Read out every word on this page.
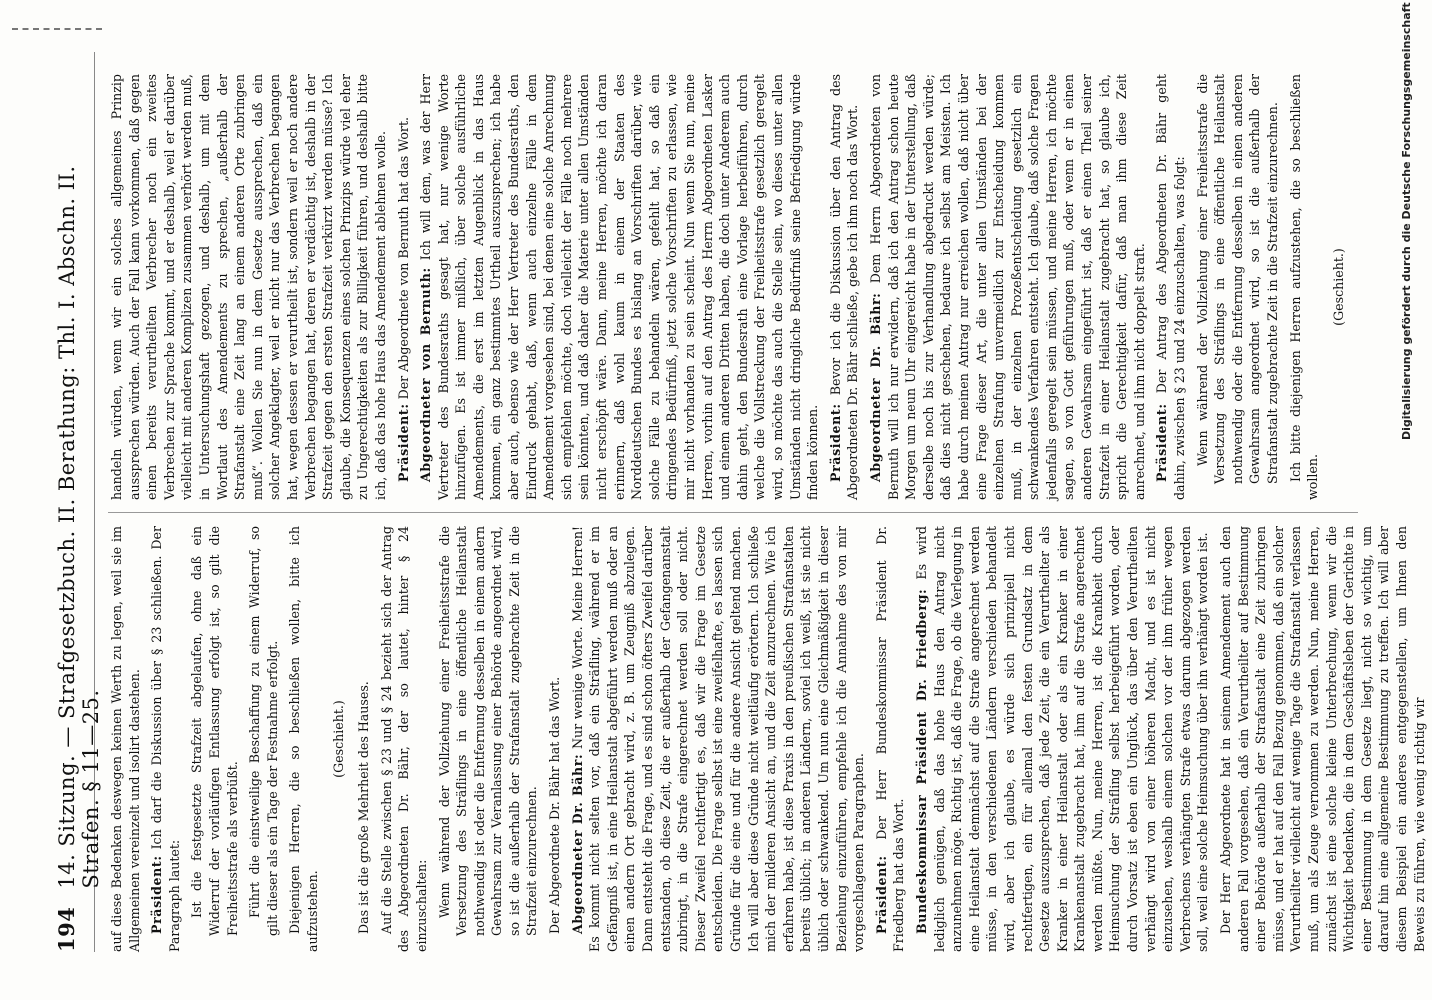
194
14. Sitzung. — Strafgesetzbuch. II. Berathung: Thl. I. Abschn. II. Strafen. § 11—25. auf diese Bedenken deswegen keinen Werth zu legen, weil sie im Allgemeinen vereinzelt und isolirt dastehen. Präsident: Ich darf die Diskussion über § 23 schließen. Der Paragraph lautet: Ist die festgesetzte Strafzeit abgelaufen, ohne daß ein Widerruf der vorläufigen Entlassung erfolgt ist, so gilt die Freiheitsstrafe als verbüßt. Führt die einstweilige Beschaffung zu einem Widerruf, so gilt dieser als ein Tage der Festnahme erfolgt. Diejenigen Herren, die so beschließen wollen, bitte ich aufzustehen.

(Geschieht.) Das ist die große Mehrheit des Hauses. Auf die Stelle zwischen § 23 und § 24 bezieht sich der Antrag des Abgeordneten Dr. Bähr, der so lautet, hinter § 24 einzuschalten: Wenn während der Vollziehung einer Freiheitsstrafe die Versetzung des Sträflings in eine öffentliche Heilanstalt nothwendig ist oder die Entfernung desselben in einem andern Gewahrsam zur Veranlassung einer Behörde angeordnet wird, so ist die außerhalb der Strafanstalt zugebrachte Zeit in die Strafzeit einzurechnen. Der Abgeordnete Dr. Bähr hat das Wort. Abgeordneter Dr. Bähr: Nur wenige Worte. Meine Herren! Es kommt nicht selten vor, daß ein Sträfling, während er im Gefängniß ist, in eine Heilanstalt abgeführt werden muß oder an einen andern Ort gebracht wird, z. B. um Zeugniß abzulegen. Dann entsteht die Frage, und es sind schon öfters Zweifel darüber entstanden, ob diese Zeit, die er außerhalb der Gefangenanstalt zubringt, in die Strafe eingerechnet werden soll oder nicht. Dieser Zweifel rechtfertigt es, daß wir die Frage im Gesetze entscheiden. Die Frage selbst ist eine zweifelhafte, es lassen sich Gründe für die eine und für die andere Ansicht geltend machen. Ich will aber diese Gründe nicht weitläufig erörtern. Ich schließe mich der milderen Ansicht an, und die Zeit anzurechnen. Wie ich erfahren habe, ist diese Praxis in den preußischen Strafanstalten bereits üblich; in anderen Ländern, soviel ich weiß, ist sie nicht üblich oder schwankend. Um nun eine Gleichmäßigkeit in dieser Beziehung einzuführen, empfehle ich die Annahme des von mir vorgeschlagenen Paragraphen. Präsident: Der Herr Bundeskommissar Präsident Dr. Friedberg hat das Wort. Bundeskommissar Präsident Dr. Friedberg: Es wird lediglich genügen, daß das hohe Haus den Antrag nicht anzunehmen möge. Richtig ist, daß die Frage, ob die Verlegung in eine Heilanstalt demnächst auf die Strafe angerechnet werden müsse, in den verschiedenen Ländern verschieden behandelt wird, aber ich glaube, es würde sich prinzipiell nicht rechtfertigen, ein für allemal den festen Grundsatz in dem Gesetze auszusprechen, daß jede Zeit, die ein Verurtheilter als Kranker in einer Heilanstalt oder als ein Kranker in einer Krankenanstalt zugebracht hat, ihm auf die Strafe angerechnet werden müßte. Nun, meine Herren, ist die Krankheit durch Heimsuchung der Sträfling selbst herbeigeführt worden, oder durch Vorsatz ist eben ein Unglück, das über den Verurtheilten verhängt wird von einer höheren Macht, und es ist nicht einzusehen, weshalb einem solchen vor der ihm früher wegen Verbrechens verhängten Strafe etwas darum abgezogen werden soll, weil eine solche Heimsuchung über ihn verhängt worden ist. Der Herr Abgeordnete hat in seinem Amendement auch den anderen Fall vorgesehen, daß ein Verurtheilter auf Bestimmung einer Behörde außerhalb der Strafanstalt eine Zeit zubringen müsse, und er hat auf den Fall Bezug genommen, daß ein solcher Verurtheilter vielleicht auf wenige Tage die Strafanstalt verlassen muß, um als Zeuge vernommen zu werden. Nun, meine Herren, zunächst ist eine solche kleine Unterbrechung, wenn wir die Wichtigkeit bedenken, die in dem Geschäftsleben der Gerichte in einer Bestimmung in dem Gesetze liegt, nicht so wichtig, um darauf hin eine allgemeine Bestimmung zu treffen. Ich will aber diesem Beispiel ein anderes entgegenstellen, um Ihnen den Beweis zu führen, wie wenig richtig wir

handeln würden, wenn wir ein solches allgemeines Prinzip aussprechen würden. Auch der Fall kann vorkommen, daß gegen einen bereits verurtheilten Verbrecher noch ein zweites Verbrechen zur Sprache kommt, und er deshalb, weil er darüber vielleicht mit anderen Komplizen zusammen verhört werden muß, in Untersuchungshaft gezogen, und deshalb, um mit dem Wortlaut des Amendements zu sprechen, „außerhalb der Strafanstalt eine Zeit lang an einem anderen Orte zubringen muß“. Wollen Sie nun in dem Gesetze aussprechen, daß ein solcher Angeklagter, weil er nicht nur das Verbrechen begangen hat, wegen dessen er verurtheilt ist, sondern weil er noch andere Verbrechen begangen hat, deren er verdächtig ist, deshalb in der Strafzeit gegen den ersten Strafzeit verkürzt werden müsse? Ich glaube, die Konsequenzen eines solchen Prinzips würde viel eher zu Ungerechtigkeiten als zur Billigkeit führen, und deshalb bitte ich, daß das hohe Haus das Amendement ablehnen wolle. Präsident: Der Abgeordnete von Bernuth hat das Wort. Abgeordneter von Bernuth: Ich will dem, was der Herr Vertreter des Bundesraths gesagt hat, nur wenige Worte hinzufügen. Es ist immer mißlich, über solche ausführliche Amendements, die erst im letzten Augenblick in das Haus kommen, ein ganz bestimmtes Urtheil auszusprechen; ich habe aber auch, ebenso wie der Herr Vertreter des Bundesraths, den Eindruck gehabt, daß, wenn auch einzelne Fälle in dem Amendement vorgesehen sind, bei denen eine solche Anrechnung sich empfehlen möchte, doch vielleicht der Fälle noch mehrere sein könnten, und daß daher die Materie unter allen Umständen nicht erschöpft wäre. Dann, meine Herren, möchte ich daran erinnern, daß wohl kaum in einem der Staaten des Norddeutschen Bundes es bislang an Vorschriften darüber, wie solche Fälle zu behandeln wären, gefehlt hat, so daß ein dringendes Bedürfniß, jetzt solche Vorschriften zu erlassen, wie mir nicht vorhanden zu sein scheint. Nun wenn Sie nun, meine Herren, vorhin auf den Antrag des Herrn Abgeordneten Lasker und einem anderen Dritten haben, die doch unter Anderem auch dahin geht, den Bundesrath eine Vorlage herbeiführen, durch welche die Vollstreckung der Freiheitsstrafe gesetzlich geregelt wird, so möchte das auch die Stelle sein, wo dieses unter allen Umständen nicht dringliche Bedürfniß seine Befriedigung würde finden können. Präsident: Bevor ich die Diskussion über den Antrag des Abgeordneten Dr. Bähr schließe, gebe ich ihm noch das Wort. Abgeordneter Dr. Bähr: Dem Herrn Abgeordneten von Bernuth will ich nur erwidern, daß ich den Antrag schon heute Morgen um neun Uhr eingereicht habe in der Unterstellung, daß derselbe noch bis zur Verhandlung abgedruckt werden würde; daß dies nicht geschehen, bedaure ich selbst am Meisten. Ich habe durch meinen Antrag nur erreichen wollen, daß nicht über eine Frage dieser Art, die unter allen Umständen bei der einzelnen Strafung unvermeidlich zur Entscheidung kommen muß, in der einzelnen Prozeßentscheidung gesetzlich ein schwankendes Verfahren entsteht. Ich glaube, daß solche Fragen jedenfalls geregelt sein müssen, und meine Herren, ich möchte sagen, so von Gott geführungen muß, oder wenn er in einen anderen Gewahrsam eingeführt ist, daß er einen Theil seiner Strafzeit in einer Heilanstalt zugebracht hat, so glaube ich, spricht die Gerechtigkeit dafür, daß man ihm diese Zeit anrechnet, und ihm nicht doppelt straft. Präsident: Der Antrag des Abgeordneten Dr. Bähr geht dahin, zwischen § 23 und 24 einzuschalten, was folgt: Wenn während der Vollziehung einer Freiheitsstrafe die Versetzung des Sträflings in eine öffentliche Heilanstalt nothwendig oder die Entfernung desselben in einen anderen Gewahrsam angeordnet wird, so ist die außerhalb der Strafanstalt zugebrachte Zeit in die Strafzeit einzurechnen. Ich bitte diejenigen Herren aufzustehen, die so beschließen wollen.

(Geschieht.)	Digitalisierung gefördert durch die Deutsche Forschungsgemeinschaft
